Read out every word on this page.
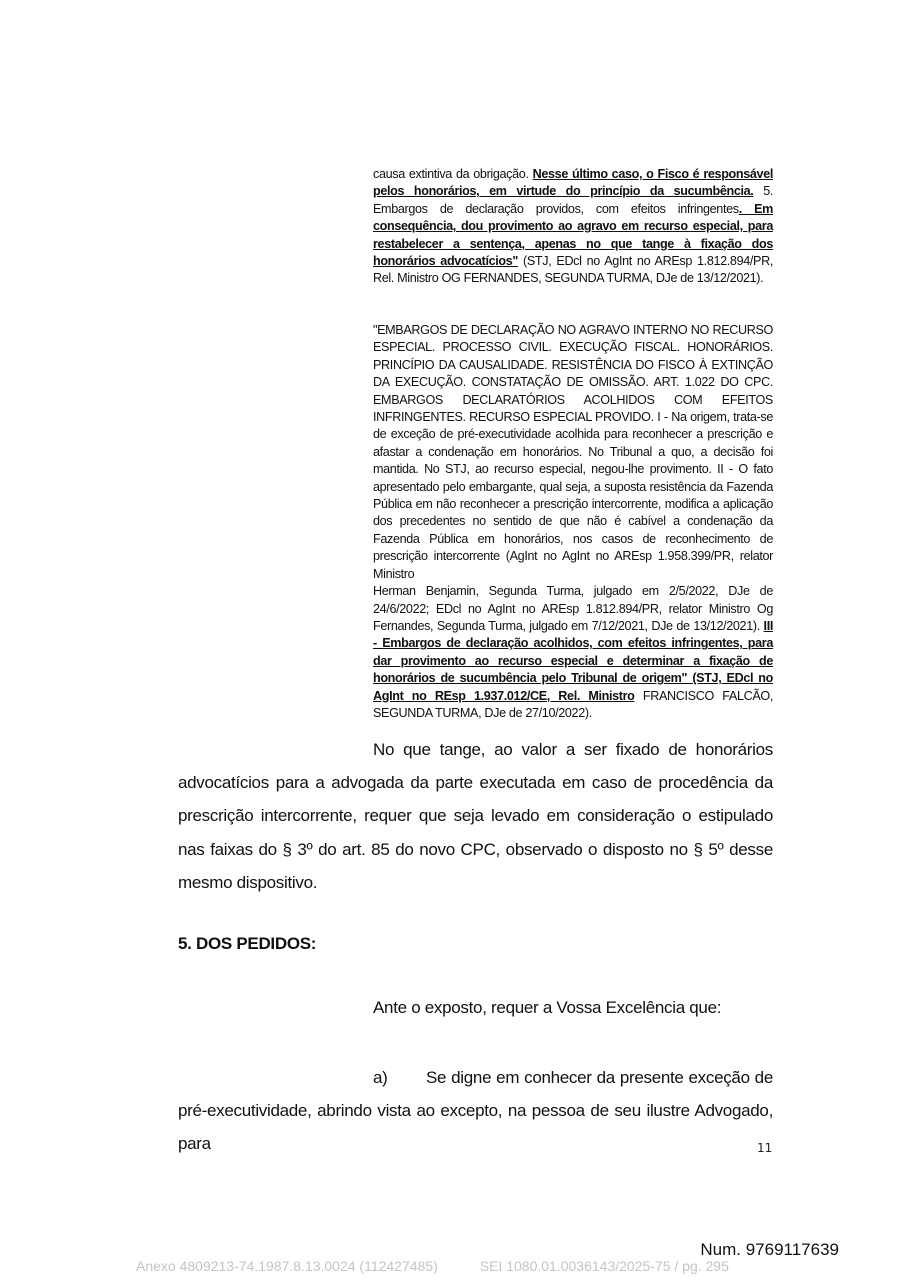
causa extintiva da obrigação. Nesse último caso, o Fisco é responsável pelos honorários, em virtude do princípio da sucumbência. 5. Embargos de declaração providos, com efeitos infringentes. Em consequência, dou provimento ao agravo em recurso especial, para restabelecer a sentença, apenas no que tange à fixação dos honorários advocatícios" (STJ, EDcl no AgInt no AREsp 1.812.894/PR, Rel. Ministro OG FERNANDES, SEGUNDA TURMA, DJe de 13/12/2021).

"EMBARGOS DE DECLARAÇÃO NO AGRAVO INTERNO NO RECURSO ESPECIAL. PROCESSO CIVIL. EXECUÇÃO FISCAL. HONORÁRIOS. PRINCÍPIO DA CAUSALIDADE. RESISTÊNCIA DO FISCO À EXTINÇÃO DA EXECUÇÃO. CONSTATAÇÃO DE OMISSÃO. ART. 1.022 DO CPC. EMBARGOS DECLARATÓRIOS ACOLHIDOS COM EFEITOS INFRINGENTES. RECURSO ESPECIAL PROVIDO. I - Na origem, trata-se de exceção de pré-executividade acolhida para reconhecer a prescrição e afastar a condenação em honorários. No Tribunal a quo, a decisão foi mantida. No STJ, ao recurso especial, negou-lhe provimento. II - O fato apresentado pelo embargante, qual seja, a suposta resistência da Fazenda Pública em não reconhecer a prescrição intercorrente, modifica a aplicação dos precedentes no sentido de que não é cabível a condenação da Fazenda Pública em honorários, nos casos de reconhecimento de prescrição intercorrente (AgInt no AgInt no AREsp 1.958.399/PR, relator Ministro

Herman Benjamin, Segunda Turma, julgado em 2/5/2022, DJe de 24/6/2022; EDcl no AgInt no AREsp 1.812.894/PR, relator Ministro Og Fernandes, Segunda Turma, julgado em 7/12/2021, DJe de 13/12/2021). III - Embargos de declaração acolhidos, com efeitos infringentes, para dar provimento ao recurso especial e determinar a fixação de honorários de sucumbência pelo Tribunal de origem" (STJ, EDcl no AgInt no REsp 1.937.012/CE, Rel. Ministro FRANCISCO FALCÃO, SEGUNDA TURMA, DJe de 27/10/2022).

No que tange, ao valor a ser fixado de honorários advocatícios para a advogada da parte executada em caso de procedência da prescrição intercorrente, requer que seja levado em consideração o estipulado nas faixas do § 3º do art. 85 do novo CPC, observado o disposto no § 5º desse mesmo dispositivo.
5. DOS PEDIDOS:
Ante o exposto, requer a Vossa Excelência que:
a) Se digne em conhecer da presente exceção de
pré-executividade, abrindo vista ao excepto, na pessoa de seu ilustre Advogado, para	11
Num. 9769117639
Anexo 4809213-74.1987.8.13.0024 (112427485)	SEI 1080.01.0036143/2025-75 / pg. 295
